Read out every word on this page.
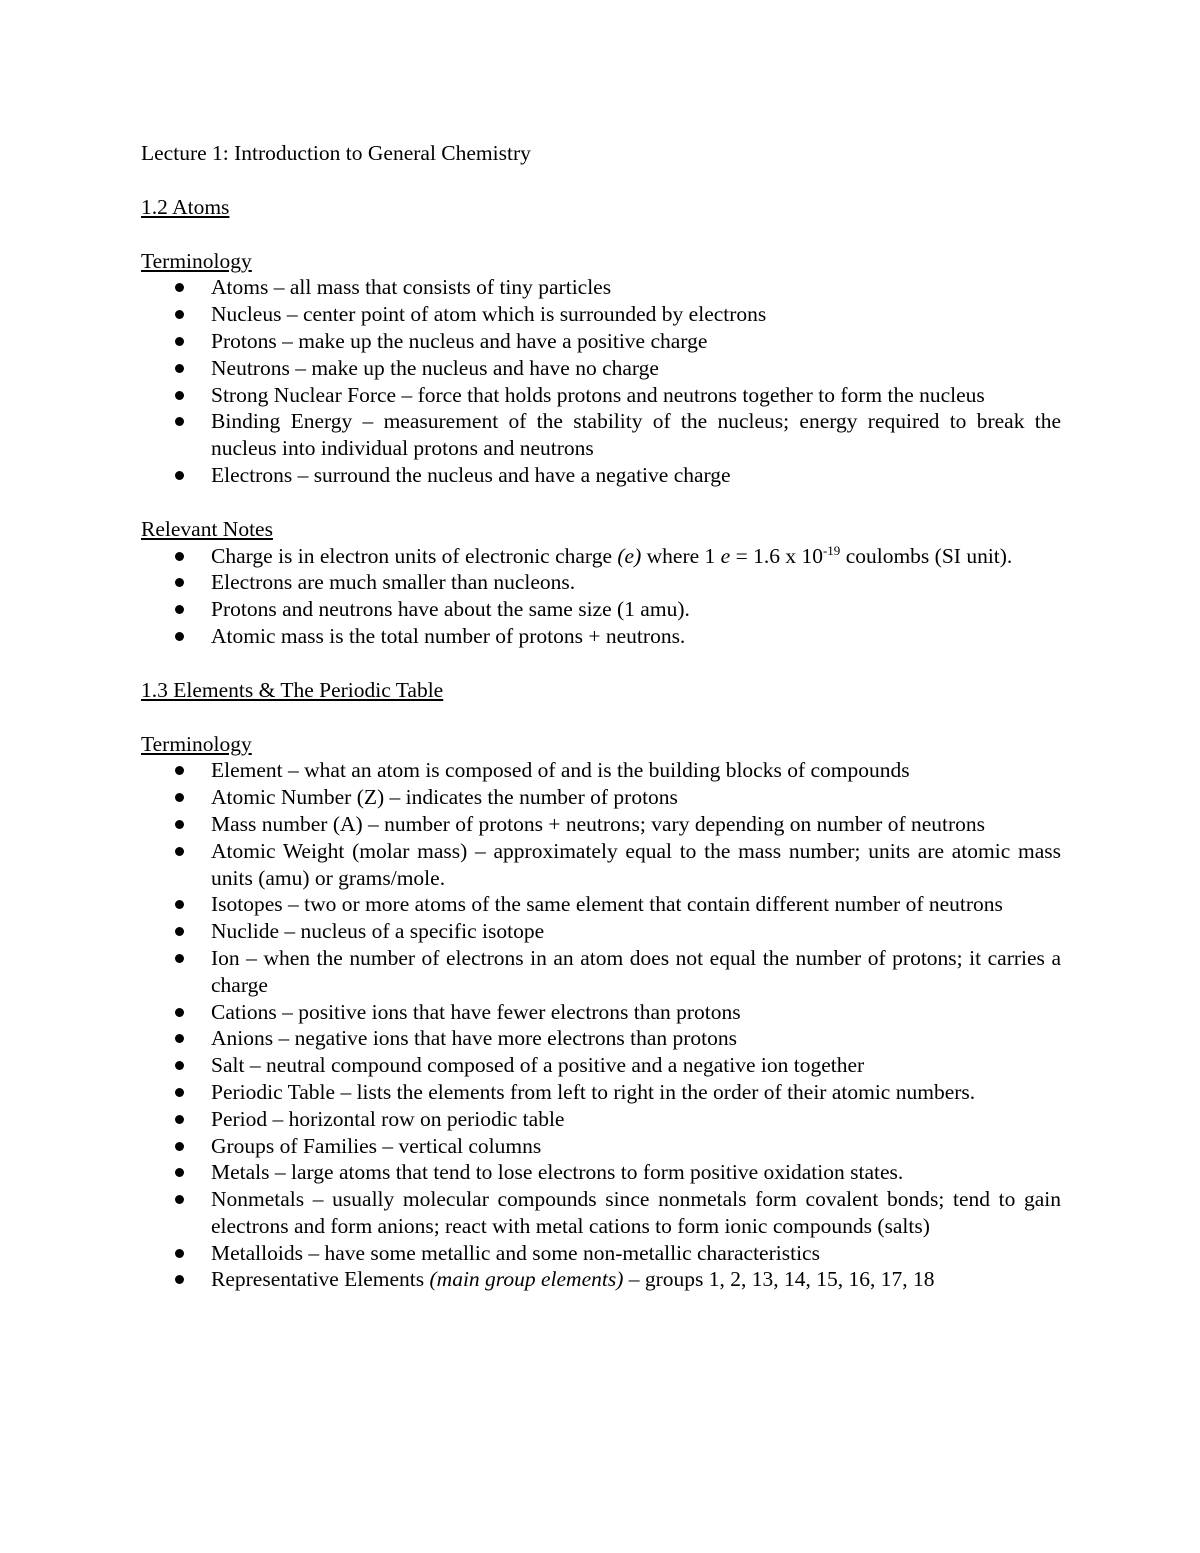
Lecture 1: Introduction to General Chemistry
1.2 Atoms
Terminology
Atoms – all mass that consists of tiny particles
Nucleus – center point of atom which is surrounded by electrons
Protons – make up the nucleus and have a positive charge
Neutrons – make up the nucleus and have no charge
Strong Nuclear Force – force that holds protons and neutrons together to form the nucleus
Binding Energy – measurement of the stability of the nucleus; energy required to break the nucleus into individual protons and neutrons
Electrons – surround the nucleus and have a negative charge
Relevant Notes
Charge is in electron units of electronic charge (e) where 1 e = 1.6 x $10^{-19}$ coulombs (SI unit).
Electrons are much smaller than nucleons.
Protons and neutrons have about the same size (1 amu).
Atomic mass is the total number of protons + neutrons.
1.3 Elements & The Periodic Table
Terminology
Element – what an atom is composed of and is the building blocks of compounds
Atomic Number (Z) – indicates the number of protons
Mass number (A) – number of protons + neutrons; vary depending on number of neutrons
Atomic Weight (molar mass) – approximately equal to the mass number; units are atomic mass units (amu) or grams/mole.
Isotopes – two or more atoms of the same element that contain different number of neutrons
Nuclide – nucleus of a specific isotope
Ion – when the number of electrons in an atom does not equal the number of protons; it carries a charge
Cations – positive ions that have fewer electrons than protons
Anions – negative ions that have more electrons than protons
Salt – neutral compound composed of a positive and a negative ion together
Periodic Table – lists the elements from left to right in the order of their atomic numbers.
Period – horizontal row on periodic table
Groups of Families – vertical columns
Metals – large atoms that tend to lose electrons to form positive oxidation states.
Nonmetals – usually molecular compounds since nonmetals form covalent bonds; tend to gain electrons and form anions; react with metal cations to form ionic compounds (salts)
Metalloids – have some metallic and some non-metallic characteristics
Representative Elements (main group elements) – groups 1, 2, 13, 14, 15, 16, 17, 18
